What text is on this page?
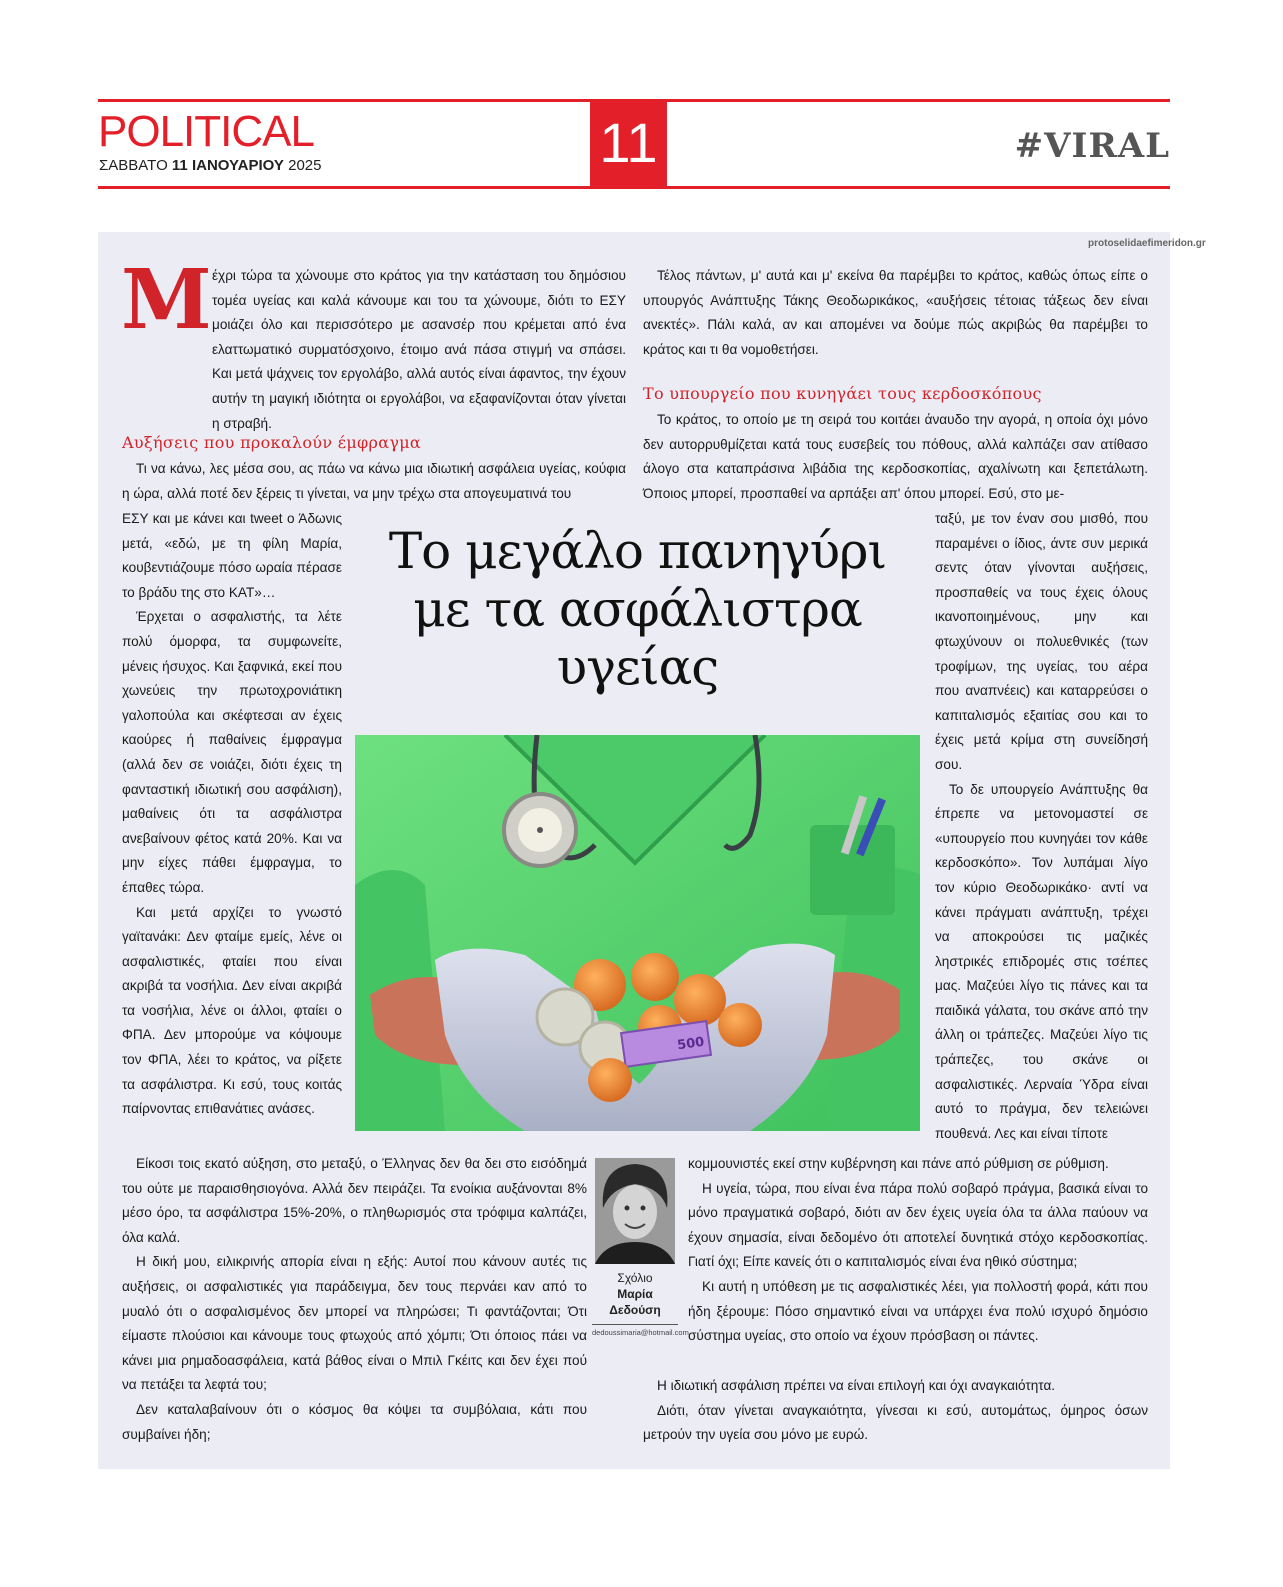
POLITICAL
ΣΑΒΒΑΤΟ 11 ΙΑΝΟΥΑΡΙΟΥ 2025	11	#VIRAL
protoselidaefimeridon.gr
Μ έχρι τώρα τα χώνουμε στο κράτος για την κατάσταση του δημόσιου τομέα υγείας και καλά κάνουμε και του τα χώνουμε, διότι το ΕΣΥ μοιάζει όλο και περισσότερο με ασανσέρ που κρέμεται από ένα ελαττωματικό συρματόσχοινο, έτοιμο ανά πάσα στιγμή να σπάσει. Και μετά ψάχνεις τον εργολάβο, αλλά αυτός είναι άφαντος, την έχουν αυτήν τη μαγική ιδιότητα οι εργολάβοι, να εξαφανίζονται όταν γίνεται η στραβή.

Αυξήσεις που προκαλούν έμφραγμα

Τι να κάνω, λες μέσα σου, ας πάω να κάνω μια ιδιωτική ασφάλεια υγείας, κούφια η ώρα, αλλά ποτέ δεν ξέρεις τι γίνεται, να μην τρέχω στα απογευματινά του

ΕΣΥ και με κάνει και tweet ο Άδωνις μετά, «εδώ, με τη φίλη Μαρία, κουβεντιάζουμε πόσο ωραία πέρασε το βράδυ της στο ΚΑΤ»…

Έρχεται ο ασφαλιστής, τα λέτε πολύ όμορφα, τα συμφωνείτε, μένεις ήσυχος. Και ξαφνικά, εκεί που χωνεύεις την πρωτοχρονιάτικη γαλοπούλα και σκέφτεσαι αν έχεις καούρες ή παθαίνεις έμφραγμα (αλλά δεν σε νοιάζει, διότι έχεις τη φανταστική ιδιωτική σου ασφάλιση), μαθαίνεις ότι τα ασφάλιστρα ανεβαίνουν φέτος κατά 20%. Και να μην είχες πάθει έμφραγμα, το έπαθες τώρα.

Και μετά αρχίζει το γνωστό γαϊτανάκι: Δεν φταίμε εμείς, λένε οι ασφαλιστικές, φταίει που είναι ακριβά τα νοσήλια. Δεν είναι ακριβά τα νοσήλια, λένε οι άλλοι, φταίει ο ΦΠΑ. Δεν μπορούμε να κόψουμε τον ΦΠΑ, λέει το κράτος, να ρίξετε τα ασφάλιστρα. Κι εσύ, τους κοιτάς παίρνοντας επιθανάτιες ανάσες.

Είκοσι τοις εκατό αύξηση, στο μεταξύ, ο Έλληνας δεν θα δει στο εισόδημά του ούτε με παραισθησιογόνα. Αλλά δεν πειράζει. Τα ενοίκια αυξάνονται 8% μέσο όρο, τα ασφάλιστρα 15%-20%, ο πληθωρισμός στα τρόφιμα καλπάζει, όλα καλά.

Η δική μου, ειλικρινής απορία είναι η εξής: Αυτοί που κάνουν αυτές τις αυξήσεις, οι ασφαλιστικές για παράδειγμα, δεν τους περνάει καν από το μυαλό ότι ο ασφαλισμένος δεν μπορεί να πληρώσει; Τι φαντάζονται; Ότι είμαστε πλούσιοι και κάνουμε τους φτωχούς από χόμπι; Ότι όποιος πάει να κάνει μια ρημαδοασφάλεια, κατά βάθος είναι ο Μπιλ Γκέιτς και δεν έχει πού να πετάξει τα λεφτά του;

Δεν καταλαβαίνουν ότι ο κόσμος θα κόψει τα συμβόλαια, κάτι που συμβαίνει ήδη;

Τέλος πάντων, μ' αυτά και μ' εκείνα θα παρέμβει το κράτος, καθώς όπως είπε ο υπουργός Ανάπτυξης Τάκης Θεοδωρικάκος, «αυξήσεις τέτοιας τάξεως δεν είναι ανεκτές». Πάλι καλά, αν και απομένει να δούμε πώς ακριβώς θα παρέμβει το κράτος και τι θα νομοθετήσει.

Το υπουργείο που κυνηγάει τους κερδοσκόπους

Το κράτος, το οποίο με τη σειρά του κοιτάει άναυδο την αγορά, η οποία όχι μόνο δεν αυτορρυθμίζεται κατά τους ευσεβείς του πόθους, αλλά καλπάζει σαν ατίθασο άλογο στα καταπράσινα λιβάδια της κερδοσκοπίας, αχαλίνωτη και ξεπετάλωτη. Όποιος μπορεί, προσπαθεί να αρπάξει απ' όπου μπορεί. Εσύ, στο με-

ταξύ, με τον έναν σου μισθό, που παραμένει ο ίδιος, άντε συν μερικά σεντς όταν γίνονται αυξήσεις, προσπαθείς να τους έχεις όλους ικανοποιημένους, μην και φτωχύνουν οι πολυεθνικές (των τροφίμων, της υγείας, του αέρα που αναπνέεις) και καταρρεύσει ο καπιταλισμός εξαιτίας σου και το έχεις μετά κρίμα στη συνείδησή σου.

Το δε υπουργείο Ανάπτυξης θα έπρεπε να μετονομαστεί σε «υπουργείο που κυνηγάει τον κάθε κερδοσκόπο». Τον λυπάμαι λίγο τον κύριο Θεοδωρικάκο· αντί να κάνει πράγματι ανάπτυξη, τρέχει να αποκρούσει τις μαζικές ληστρικές επιδρομές στις τσέπες μας. Μαζεύει λίγο τις πάνες και τα παιδικά γάλατα, του σκάνε από την άλλη οι τράπεζες. Μαζεύει λίγο τις τράπεζες, του σκάνε οι ασφαλιστικές. Λερναία Ύδρα είναι αυτό το πράγμα, δεν τελειώνει πουθενά. Λες και είναι τίποτε

κομμουνιστές εκεί στην κυβέρνηση και πάνε από ρύθμιση σε ρύθμιση.

Η υγεία, τώρα, που είναι ένα πάρα πολύ σοβαρό πράγμα, βασικά είναι το μόνο πραγματικά σοβαρό, διότι αν δεν έχεις υγεία όλα τα άλλα παύουν να έχουν σημασία, είναι δεδομένο ότι αποτελεί δυνητικά στόχο κερδοσκοπίας. Γιατί όχι; Είπε κανείς ότι ο καπιταλισμός είναι ένα ηθικό σύστημα;

Κι αυτή η υπόθεση με τις ασφαλιστικές λέει, για πολλοστή φορά, κάτι που ήδη ξέρουμε: Πόσο σημαντικό είναι να υπάρχει ένα πολύ ισχυρό δημόσιο σύστημα υγείας, στο οποίο να έχουν πρόσβαση οι πάντες.

Η ιδιωτική ασφάλιση πρέπει να είναι επιλογή και όχι αναγκαιότητα.

Διότι, όταν γίνεται αναγκαιότητα, γίνεσαι κι εσύ, αυτομάτως, όμηρος όσων μετρούν την υγεία σου μόνο με ευρώ.

Το μεγάλο πανηγύρι
με τα ασφάλιστρα
υγείας
500
Σχόλιο
Μαρία
Δεδούση
dedoussimaria@hotmail.com
